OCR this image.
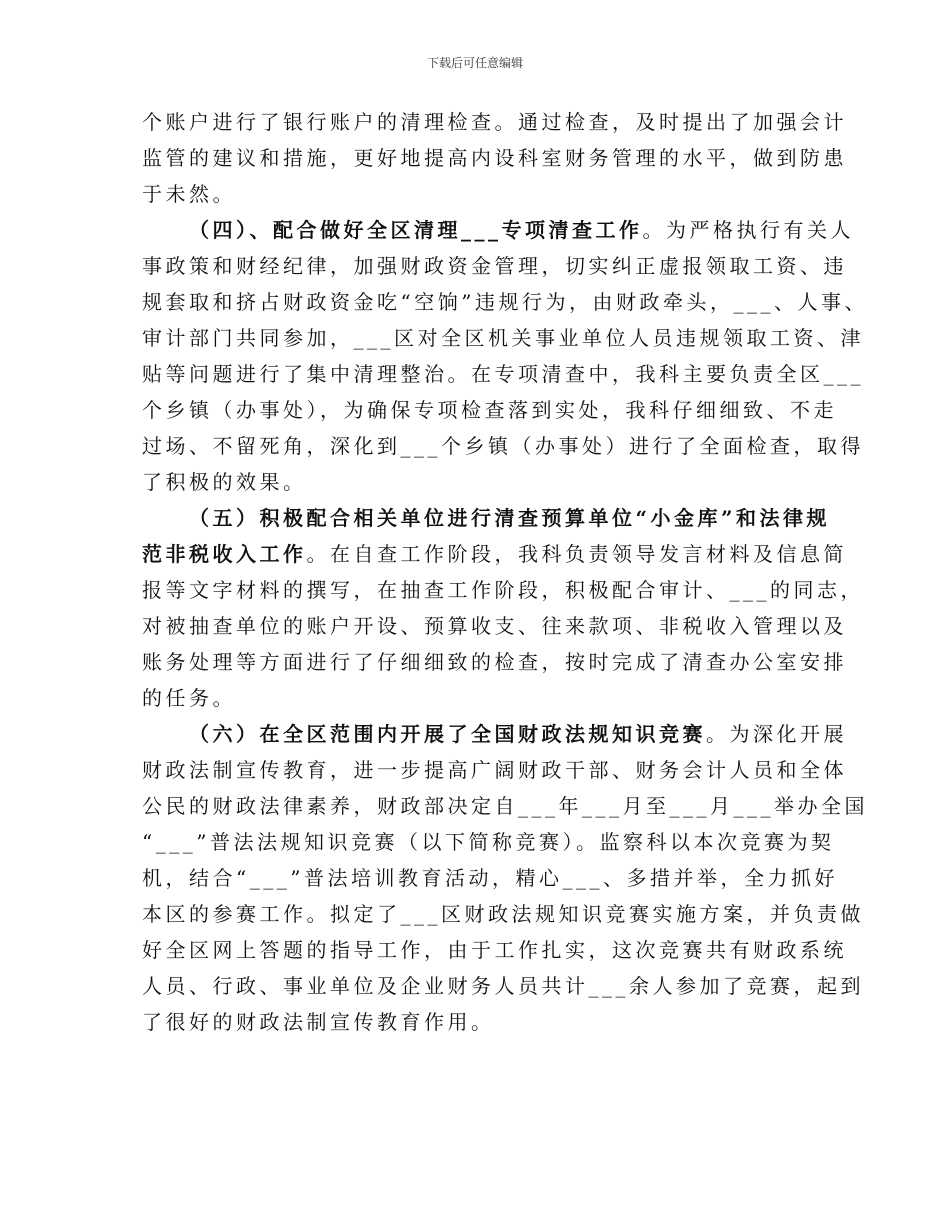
下载后可任意编辑

个账户进行了银行账户的清理检查。通过检查，及时提出了加强会计
监管的建议和措施，更好地提高内设科室财务管理的水平，做到防患
于未然。

（四）、配合做好全区清理___专项清查工作。为严格执行有关人
事政策和财经纪律，加强财政资金管理，切实纠正虚报领取工资、违
规套取和挤占财政资金吃“空饷”违规行为，由财政牵头，___、人事、
审计部门共同参加，___区对全区机关事业单位人员违规领取工资、津
贴等问题进行了集中清理整治。在专项清查中，我科主要负责全区___
个乡镇（办事处），为确保专项检查落到实处，我科仔细细致、不走
过场、不留死角，深化到___个乡镇（办事处）进行了全面检查，取得
了积极的效果。

（五）积极配合相关单位进行清查预算单位“小金库”和法律规
范非税收入工作。在自查工作阶段，我科负责领导发言材料及信息简
报等文字材料的撰写，在抽查工作阶段，积极配合审计、___的同志，
对被抽查单位的账户开设、预算收支、往来款项、非税收入管理以及
账务处理等方面进行了仔细细致的检查，按时完成了清查办公室安排
的任务。

（六）在全区范围内开展了全国财政法规知识竞赛。为深化开展
财政法制宣传教育，进一步提高广阔财政干部、财务会计人员和全体
公民的财政法律素养，财政部决定自___年___月至___月___举办全国
“___”普法法规知识竞赛（以下简称竞赛）。监察科以本次竞赛为契
机，结合“___”普法培训教育活动，精心___、多措并举，全力抓好
本区的参赛工作。拟定了___区财政法规知识竞赛实施方案，并负责做
好全区网上答题的指导工作，由于工作扎实，这次竞赛共有财政系统
人员、行政、事业单位及企业财务人员共计___余人参加了竞赛，起到
了很好的财政法制宣传教育作用。
